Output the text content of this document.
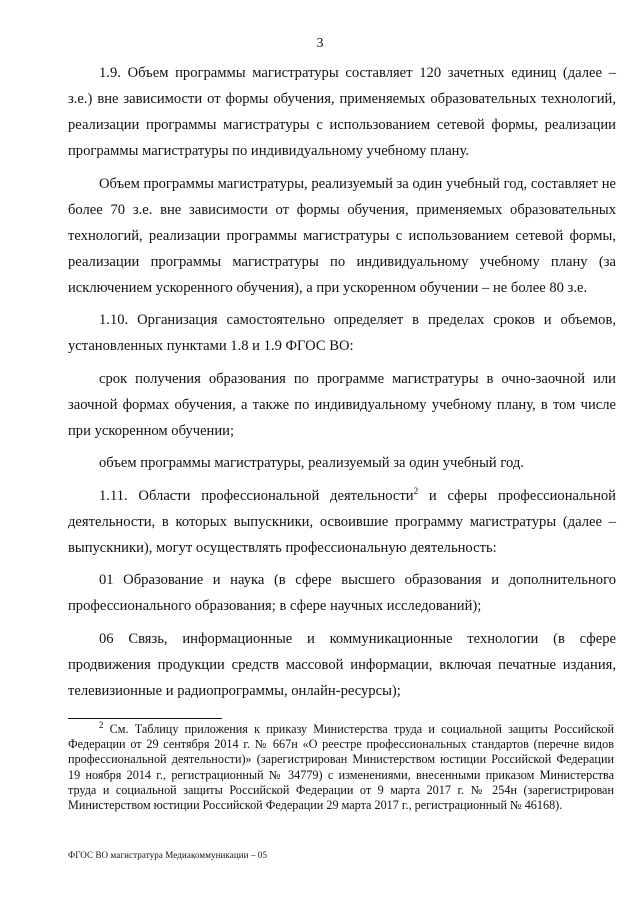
3

1.9. Объем программы магистратуры составляет 120 зачетных единиц (далее – з.е.) вне зависимости от формы обучения, применяемых образовательных технологий, реализации программы магистратуры с использованием сетевой формы, реализации программы магистратуры по индивидуальному учебному плану.

Объем программы магистратуры, реализуемый за один учебный год, составляет не более 70 з.е. вне зависимости от формы обучения, применяемых образовательных технологий, реализации программы магистратуры с использованием сетевой формы, реализации программы магистратуры по индивидуальному учебному плану (за исключением ускоренного обучения), а при ускоренном обучении – не более 80 з.е.

1.10. Организация самостоятельно определяет в пределах сроков и объемов, установленных пунктами 1.8 и 1.9 ФГОС ВО:

срок получения образования по программе магистратуры в очно-заочной или заочной формах обучения, а также по индивидуальному учебному плану, в том числе при ускоренном обучении;

объем программы магистратуры, реализуемый за один учебный год.

1.11. Области профессиональной деятельности$^2$ и сферы профессиональной деятельности, в которых выпускники, освоившие программу магистратуры (далее – выпускники), могут осуществлять профессиональную деятельность:

01 Образование и наука (в сфере высшего образования и дополнительного профессионального образования; в сфере научных исследований);

06 Связь, информационные и коммуникационные технологии (в сфере продвижения продукции средств массовой информации, включая печатные издания, телевизионные и радиопрограммы, онлайн-ресурсы);

$^2$ См. Таблицу приложения к приказу Министерства труда и социальной защиты Российской Федерации от 29 сентября 2014 г. № 667н «О реестре профессиональных стандартов (перечне видов профессиональной деятельности)» (зарегистрирован Министерством юстиции Российской Федерации 19 ноября 2014 г., регистрационный № 34779) с изменениями, внесенными приказом Министерства труда и социальной защиты Российской Федерации от 9 марта 2017 г. № 254н (зарегистрирован Министерством юстиции Российской Федерации 29 марта 2017 г., регистрационный № 46168).

ФГОС ВО магистратура Медиакоммуникации – 05
